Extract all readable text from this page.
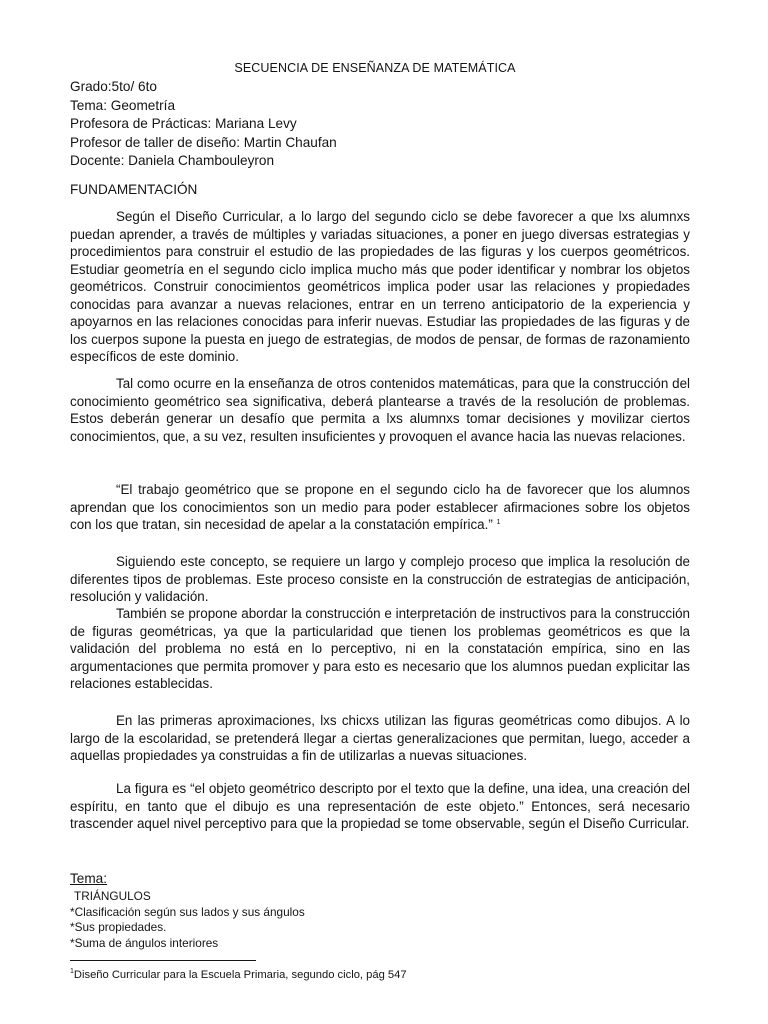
SECUENCIA DE ENSEÑANZA DE MATEMÁTICA
Grado:5to/ 6to
Tema: Geometría
Profesora de Prácticas: Mariana Levy
Profesor de taller de diseño: Martin Chaufan
Docente: Daniela Chambouleyron
FUNDAMENTACIÓN

Según el Diseño Curricular, a lo largo del segundo ciclo se debe favorecer a que lxs alumnxs puedan aprender, a través de múltiples y variadas situaciones, a poner en juego diversas estrategias y procedimientos para construir el estudio de las propiedades de las figuras y los cuerpos geométricos. Estudiar geometría en el segundo ciclo implica mucho más que poder identificar y nombrar los objetos geométricos. Construir conocimientos geométricos implica poder usar las relaciones y propiedades conocidas para avanzar a nuevas relaciones, entrar en un terreno anticipatorio de la experiencia y apoyarnos en las relaciones conocidas para inferir nuevas. Estudiar las propiedades de las figuras y de los cuerpos supone la puesta en juego de estrategias, de modos de pensar, de formas de razonamiento específicos de este dominio.

Tal como ocurre en la enseñanza de otros contenidos matemáticas, para que la construcción del conocimiento geométrico sea significativa, deberá plantearse a través de la resolución de problemas. Estos deberán generar un desafío que permita a lxs alumnxs tomar decisiones y movilizar ciertos conocimientos, que, a su vez, resulten insuficientes y provoquen el avance hacia las nuevas relaciones.

“El trabajo geométrico que se propone en el segundo ciclo ha de favorecer que los alumnos aprendan que los conocimientos son un medio para poder establecer afirmaciones sobre los objetos con los que tratan, sin necesidad de apelar a la constatación empírica.” $^1$

Siguiendo este concepto, se requiere un largo y complejo proceso que implica la resolución de diferentes tipos de problemas. Este proceso consiste en la construcción de estrategias de anticipación, resolución y validación.

También se propone abordar la construcción e interpretación de instructivos para la construcción de figuras geométricas, ya que la particularidad que tienen los problemas geométricos es que la validación del problema no está en lo perceptivo, ni en la constatación empírica, sino en las argumentaciones que permita promover y para esto es necesario que los alumnos puedan explicitar las relaciones establecidas.

En las primeras aproximaciones, lxs chicxs utilizan las figuras geométricas como dibujos. A lo largo de la escolaridad, se pretenderá llegar a ciertas generalizaciones que permitan, luego, acceder a aquellas propiedades ya construidas a fin de utilizarlas a nuevas situaciones.

La figura es “el objeto geométrico descripto por el texto que la define, una idea, una creación del espíritu, en tanto que el dibujo es una representación de este objeto.” Entonces, será necesario trascender aquel nivel perceptivo para que la propiedad se tome observable, según el Diseño Curricular.

Tema:
TRIÁNGULOS
*Clasificación según sus lados y sus ángulos
*Sus propiedades.
*Suma de ángulos interiores
$^1$Diseño Curricular para la Escuela Primaria, segundo ciclo, pág 547
